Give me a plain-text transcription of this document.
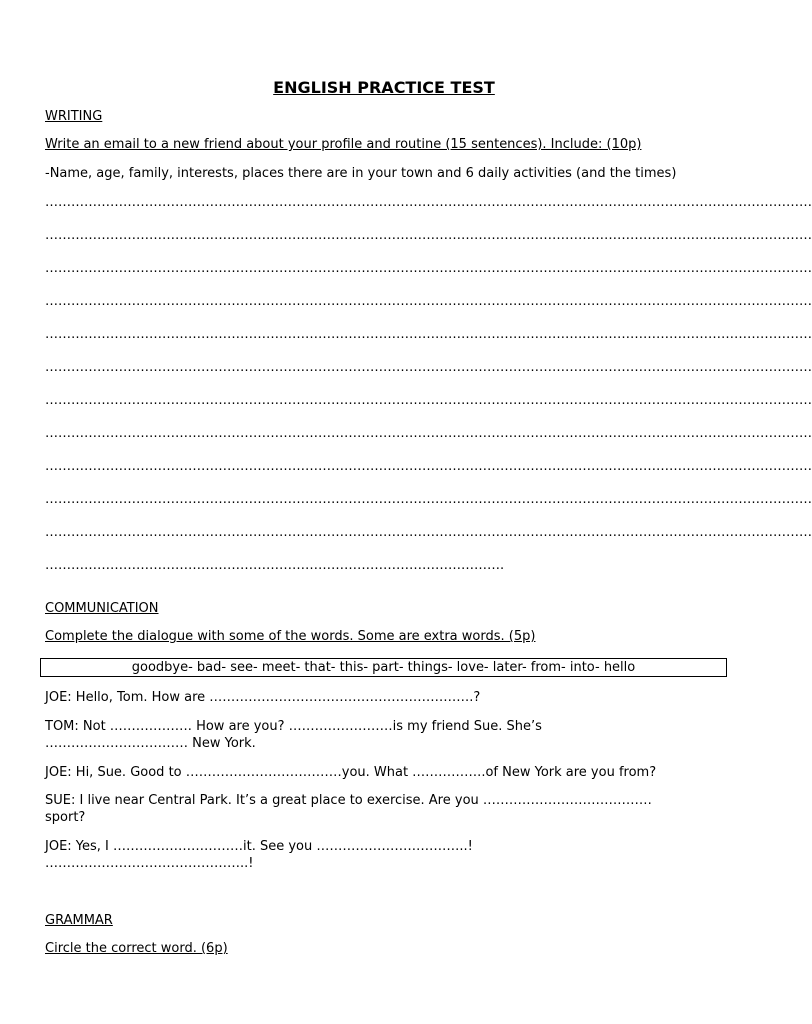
ENGLISH PRACTICE TEST
WRITING
Write an email to a new friend about your profile and routine (15 sentences). Include: (10p)
-Name, age, family, interests, places there are in your town and 6 daily activities (and the times)
……………………………………………………………………………………………………………………………………………………………
……………………………………………………………………………………………………………………………………………………………
……………………………………………………………………………………………………………………………………………………………
……………………………………………………………………………………………………………………………………………………………
……………………………………………………………………………………………………………………………………………………………
……………………………………………………………………………………………………………………………………………………………
……………………………………………………………………………………………………………………………………………………………
……………………………………………………………………………………………………………………………………………………………
……………………………………………………………………………………………………………………………………………………………
……………………………………………………………………………………………………………………………………………………………
……………………………………………………………………………………………………………………………………………………………
…………………………………………………………………………………………….
COMMUNICATION
Complete the dialogue with some of the words. Some are extra words. (5p)
goodbye- bad- see- meet- that- this- part- things- love- later- from- into- hello
JOE: Hello, Tom. How are …………………………………………………….?
TOM: Not ………………. How are you? ……………………is my friend Sue. She’s
…………………………… New York.
JOE: Hi, Sue. Good to ………………………………you. What ……………..of New York are you from?
SUE: I live near Central Park. It’s a great place to exercise. Are you …………………………………
sport?
JOE: Yes, I …………………………it. See you ……………………………..!
………………………………………..!
GRAMMAR
Circle the correct word. (6p)
